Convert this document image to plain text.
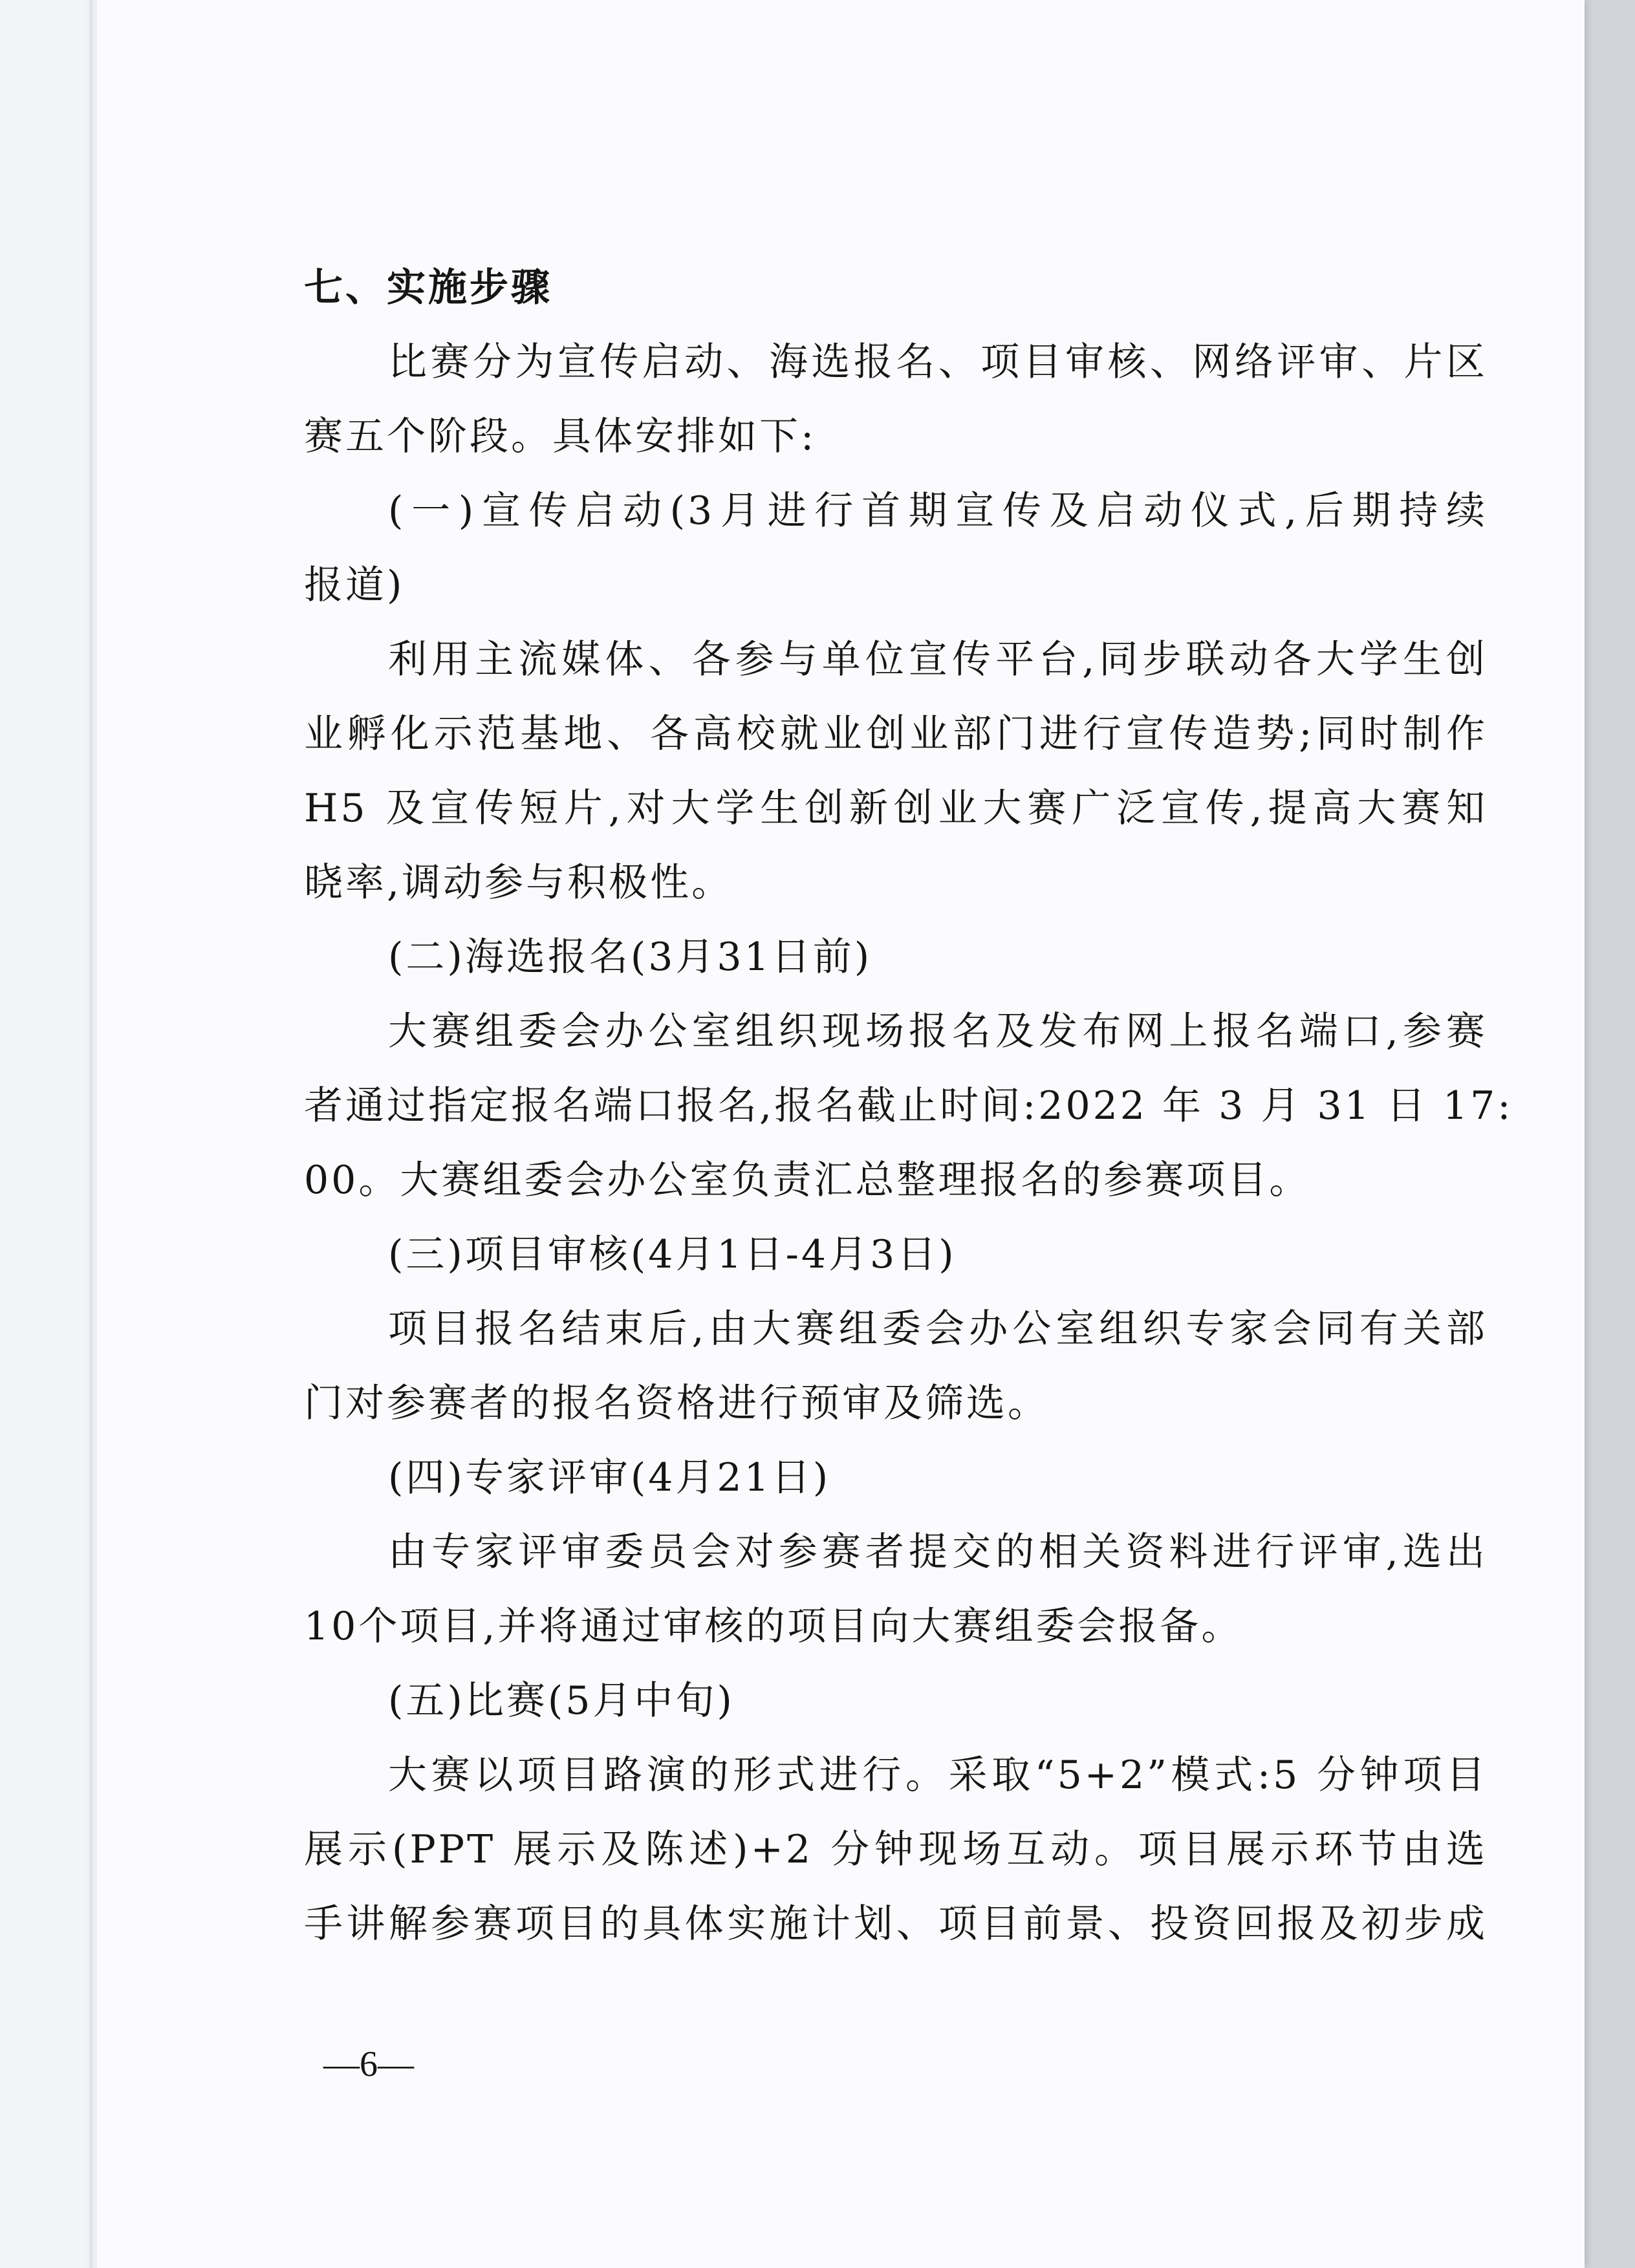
七、实施步骤
比赛分为宣传启动、海选报名、项目审核、网络评审、片区
赛五个阶段。具体安排如下:
(一)宣传启动(3月进行首期宣传及启动仪式,后期持续
报道)
利用主流媒体、各参与单位宣传平台,同步联动各大学生创
业孵化示范基地、各高校就业创业部门进行宣传造势;同时制作
H5 及宣传短片,对大学生创新创业大赛广泛宣传,提高大赛知
晓率,调动参与积极性。
(二)海选报名(3月31日前)
大赛组委会办公室组织现场报名及发布网上报名端口,参赛
者通过指定报名端口报名,报名截止时间:2022 年 3 月 31 日 17:
00。大赛组委会办公室负责汇总整理报名的参赛项目。
(三)项目审核(4月1日-4月3日)
项目报名结束后,由大赛组委会办公室组织专家会同有关部
门对参赛者的报名资格进行预审及筛选。
(四)专家评审(4月21日)
由专家评审委员会对参赛者提交的相关资料进行评审,选出
10个项目,并将通过审核的项目向大赛组委会报备。
(五)比赛(5月中旬)
大赛以项目路演的形式进行。采取“5+2”模式:5 分钟项目
展示(PPT 展示及陈述)+2 分钟现场互动。项目展示环节由选
手讲解参赛项目的具体实施计划、项目前景、投资回报及初步成
—6—
